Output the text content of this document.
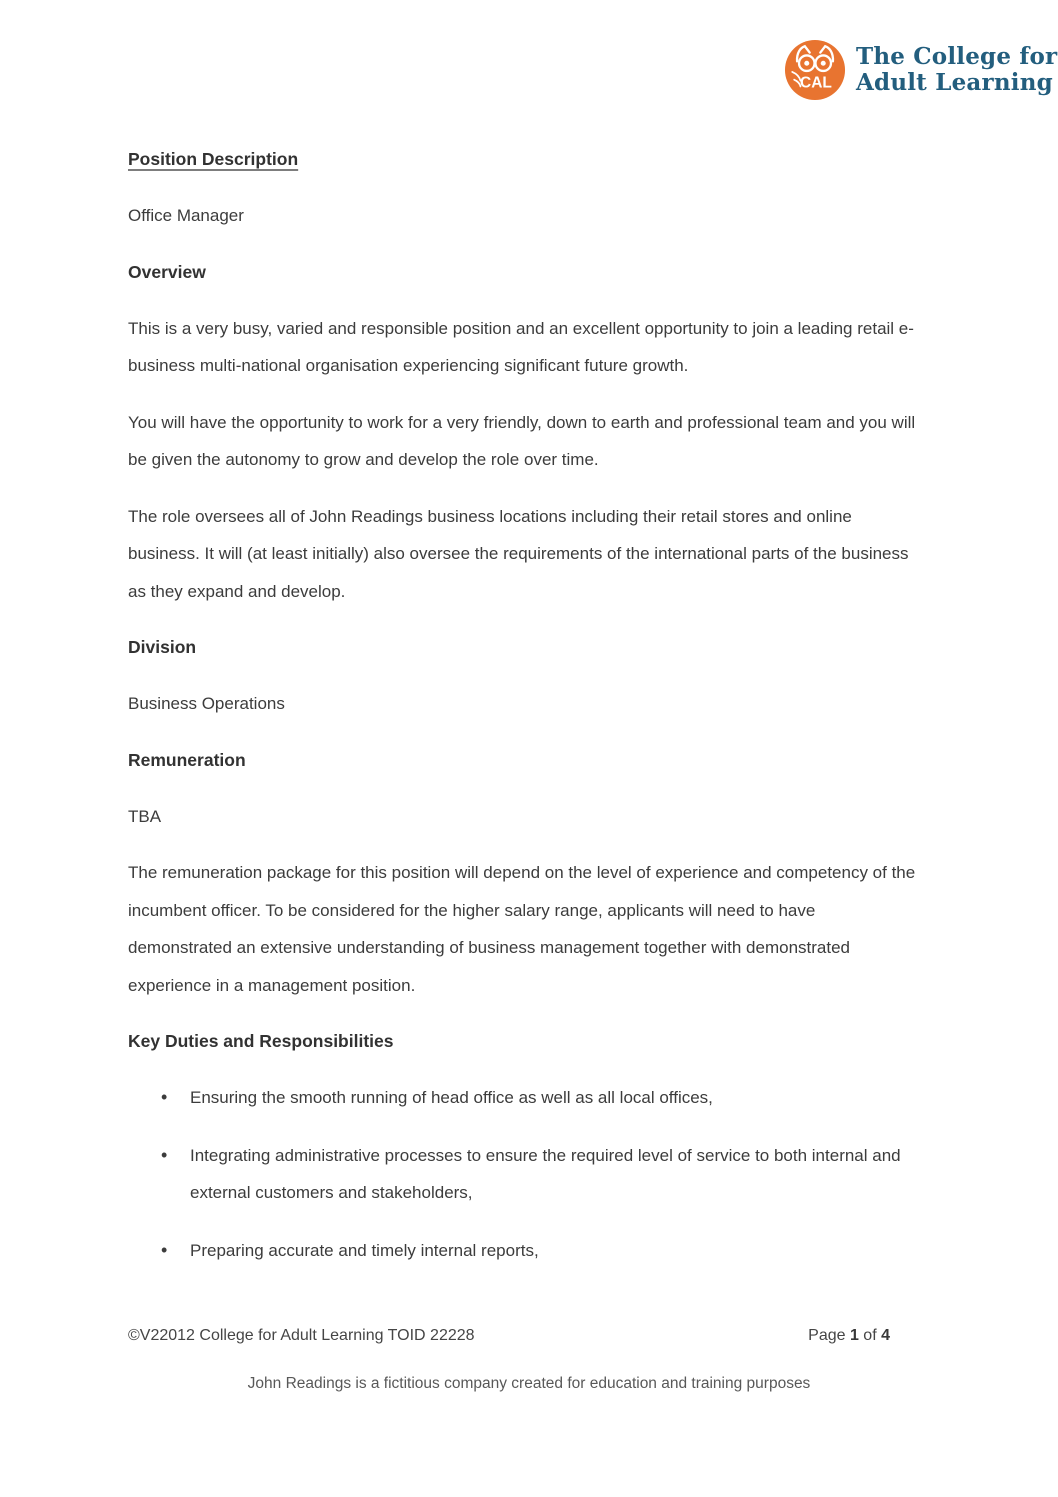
CAL
The College for
Adult Learning
Position Description
Office Manager
Overview

This is a very busy, varied and responsible position and an excellent opportunity to join a leading retail e-business multi-national organisation experiencing significant future growth.

You will have the opportunity to work for a very friendly, down to earth and professional team and you will be given the autonomy to grow and develop the role over time.

The role oversees all of John Readings business locations including their retail stores and online business. It will (at least initially) also oversee the requirements of the international parts of the business as they expand and develop.

Division
Business Operations
Remuneration
TBA

The remuneration package for this position will depend on the level of experience and competency of the incumbent officer. To be considered for the higher salary range, applicants will need to have demonstrated an extensive understanding of business management together with demonstrated experience in a management position.

Key Duties and Responsibilities
• Ensuring the smooth running of head office as well as all local offices,
• Integrating administrative processes to ensure the required level of service to both internal and external customers and stakeholders,
• Preparing accurate and timely internal reports,
©V22012 College for Adult Learning TOID 22228	Page 1 of 4
John Readings is a fictitious company created for education and training purposes
